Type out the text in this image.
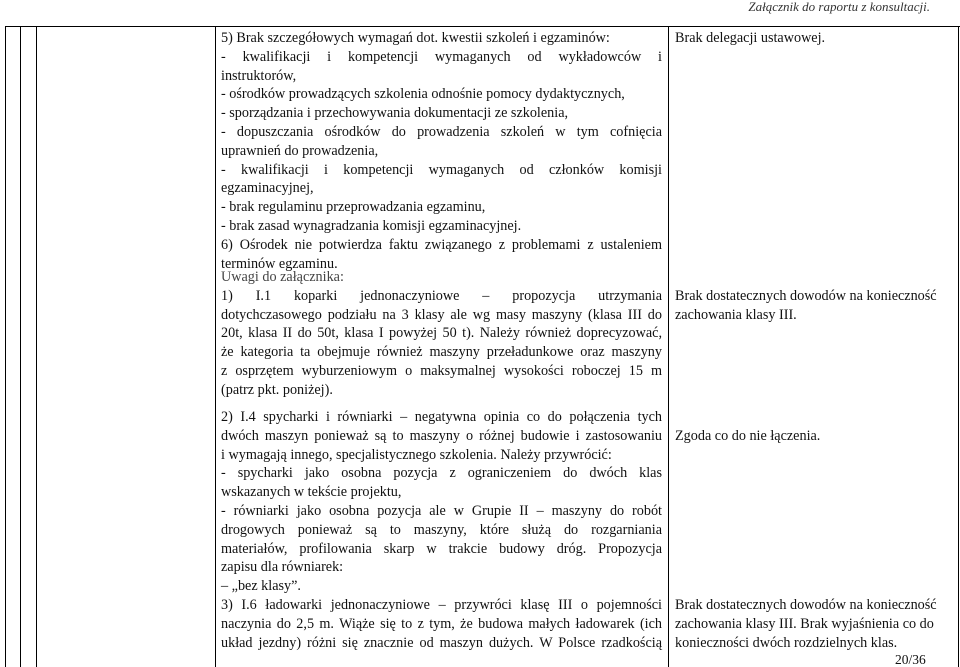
Załącznik do raportu z konsultacji.

5) Brak szczegółowych wymagań dot. kwestii szkoleń i egzaminów:

- kwalifikacji i kompetencji wymaganych od wykładowców i

instruktorów,

- ośrodków prowadzących szkolenia odnośnie pomocy dydaktycznych,

- sporządzania i przechowywania dokumentacji ze szkolenia,

- dopuszczania ośrodków do prowadzenia szkoleń w tym cofnięcia

uprawnień do prowadzenia,

- kwalifikacji i kompetencji wymaganych od członków komisji

egzaminacyjnej,

- brak regulaminu przeprowadzania egzaminu,

- brak zasad wynagradzania komisji egzaminacyjnej.

6) Ośrodek nie potwierdza faktu związanego z problemami z ustaleniem

terminów egzaminu.

Brak delegacji ustawowej.

Uwagi do załącznika:

1) I.1 koparki jednonaczyniowe – propozycja utrzymania

dotychczasowego podziału na 3 klasy ale wg masy maszyny (klasa III do

20t, klasa II do 50t, klasa I powyżej 50 t). Należy również doprecyzować,

że kategoria ta obejmuje również maszyny przeładunkowe oraz maszyny

z osprzętem wyburzeniowym o maksymalnej wysokości roboczej 15 m

(patrz pkt. poniżej).

Brak dostatecznych dowodów na konieczność

zachowania klasy III.

2) I.4 spycharki i równiarki – negatywna opinia co do połączenia tych

dwóch maszyn ponieważ są to maszyny o różnej budowie i zastosowaniu

i wymagają innego, specjalistycznego szkolenia. Należy przywrócić:

- spycharki jako osobna pozycja z ograniczeniem do dwóch klas

wskazanych w tekście projektu,

- równiarki jako osobna pozycja ale w Grupie II – maszyny do robót

drogowych ponieważ są to maszyny, które służą do rozgarniania

materiałów, profilowania skarp w trakcie budowy dróg. Propozycja

zapisu dla równiarek:

– „bez klasy”.

Zgoda co do nie łączenia.

3) I.6 ładowarki jednonaczyniowe – przywróci klasę III o pojemności

naczynia do 2,5 m. Wiąże się to z tym, że budowa małych ładowarek (ich

układ jezdny) różni się znacznie od maszyn dużych. W Polsce rzadkością

Brak dostatecznych dowodów na konieczność

zachowania klasy III. Brak wyjaśnienia co do

konieczności dwóch rozdzielnych klas.

20/36
